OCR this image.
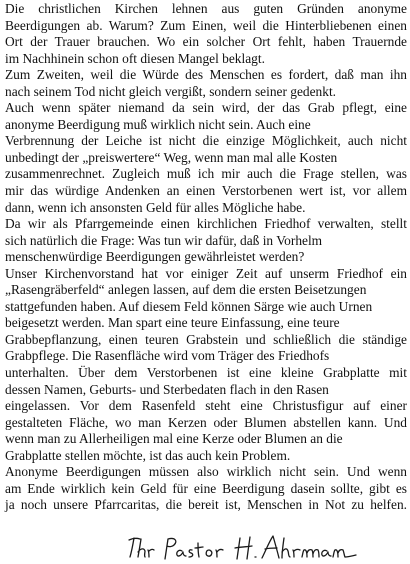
Die christlichen Kirchen lehnen aus guten Gründen anonyme
Beerdigungen ab. Warum? Zum Einen, weil die Hinterbliebenen einen
Ort der Trauer brauchen. Wo ein solcher Ort fehlt, haben Trauernde
im Nachhinein schon oft diesen Mangel beklagt.
Zum Zweiten, weil die Würde des Menschen es fordert, daß man ihn
nach seinem Tod nicht gleich vergißt, sondern seiner gedenkt.
Auch wenn später niemand da sein wird, der das Grab pflegt, eine
anonyme Beerdigung muß wirklich nicht sein. Auch eine
Verbrennung der Leiche ist nicht die einzige Möglichkeit, auch nicht
unbedingt der „preiswertere“ Weg, wenn man mal alle Kosten
zusammenrechnet. Zugleich muß ich mir auch die Frage stellen, was
mir das würdige Andenken an einen Verstorbenen wert ist, vor allem
dann, wenn ich ansonsten Geld für alles Mögliche habe.
Da wir als Pfarrgemeinde einen kirchlichen Friedhof verwalten, stellt
sich natürlich die Frage: Was tun wir dafür, daß in Vorhelm
menschenwürdige Beerdigungen gewährleistet werden?
Unser Kirchenvorstand hat vor einiger Zeit auf unserm Friedhof ein
„Rasengräberfeld“ anlegen lassen, auf dem die ersten Beisetzungen
stattgefunden haben. Auf diesem Feld können Särge wie auch Urnen
beigesetzt werden. Man spart eine teure Einfassung, eine teure
Grabbepflanzung, einen teuren Grabstein und schließlich die ständige
Grabpflege. Die Rasenfläche wird vom Träger des Friedhofs
unterhalten. Über dem Verstorbenen ist eine kleine Grabplatte mit
dessen Namen, Geburts- und Sterbedaten flach in den Rasen
eingelassen. Vor dem Rasenfeld steht eine Christusfigur auf einer
gestalteten Fläche, wo man Kerzen oder Blumen abstellen kann. Und
wenn man zu Allerheiligen mal eine Kerze oder Blumen an die
Grabplatte stellen möchte, ist das auch kein Problem.
Anonyme Beerdigungen müssen also wirklich nicht sein. Und wenn
am Ende wirklich kein Geld für eine Beerdigung dasein sollte, gibt es
ja noch unsere Pfarrcaritas, die bereit ist, Menschen in Not zu helfen.
